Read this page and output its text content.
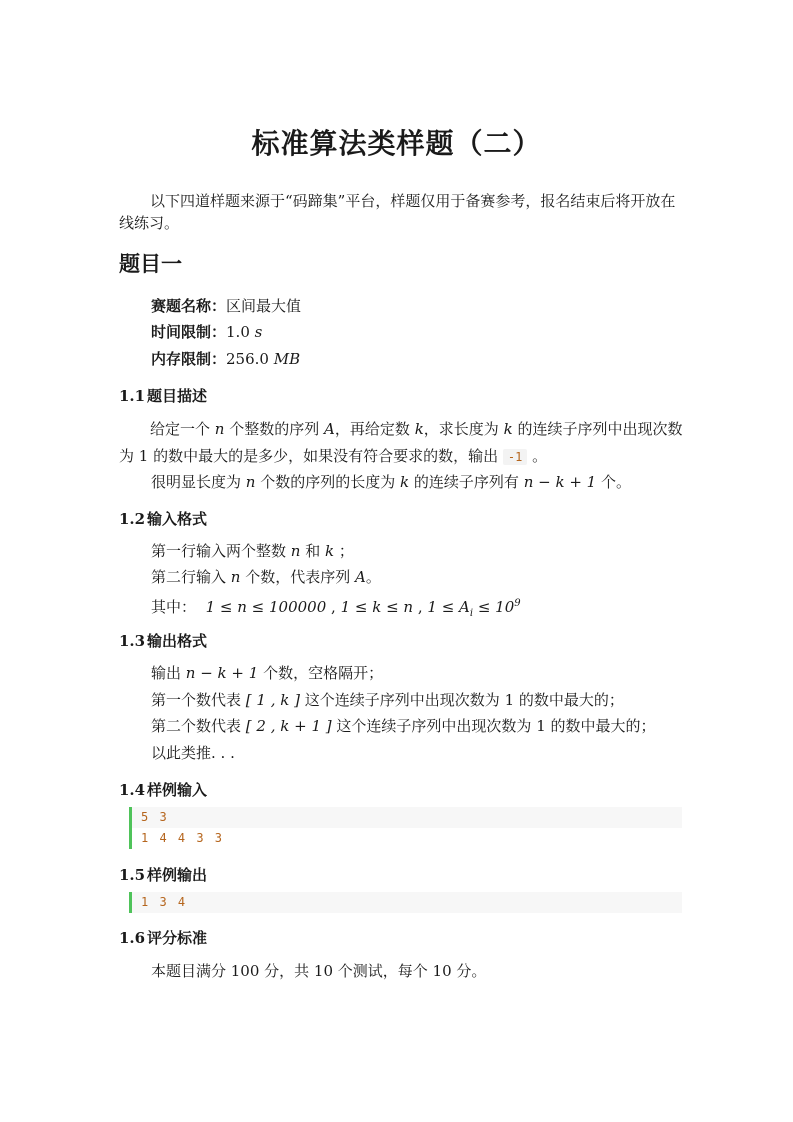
标准算法类样题（二）
以下四道样题来源于“码蹄集”平台，样题仅用于备赛参考，报名结束后将开放在线练习。
题目一
赛题名称：区间最大值
时间限制：1.0 s
内存限制：256.0 MB
1.1 题目描述
给定一个 n 个整数的序列 A，再给定数 k，求长度为 k 的连续子序列中出现次数为 1 的数中最大的是多少，如果没有符合要求的数，输出 -1 。
很明显长度为 n 个数的序列的长度为 k 的连续子序列有 n − k + 1 个。
1.2 输入格式
第一行输入两个整数 n 和 k ；
第二行输入 n 个数，代表序列 A。
其中： 1 ≤ n ≤ 100000 , 1 ≤ k ≤ n , $1 \le A_i \le 10^9$
1.3 输出格式
输出 n − k + 1 个数，空格隔开；
第一个数代表 [ 1 , k ] 这个连续子序列中出现次数为 1 的数中最大的；
第二个数代表 [ 2 , k + 1 ] 这个连续子序列中出现次数为 1 的数中最大的；
以此类推. . .
1.4 样例输入
5 3
1 4 4 3 3
1.5 样例输出
1 3 4
1.6 评分标准
本题目满分 100 分，共 10 个测试，每个 10 分。
